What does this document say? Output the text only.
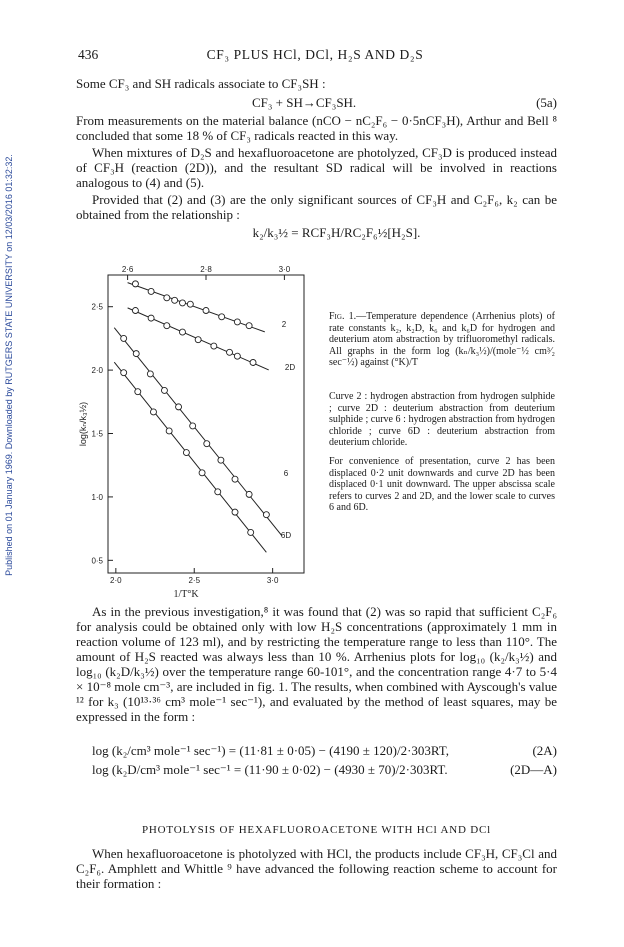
Published on 01 January 1969. Downloaded by RUTGERS STATE UNIVERSITY on 12/03/2016 01:32:32.
436	CF₃ PLUS HCl, DCl, H₂S AND D₂S

Some CF₃ and SH radicals associate to CF₃SH :

CF₃ + SH→CF₃SH.	(5a)

From measurements on the material balance (nCO − nC₂F₆ − 0·5nCF₃H), Arthur and Bell ⁸ concluded that some 18 % of CF₃ radicals reacted in this way.

When mixtures of D₂S and hexafluoroacetone are photolyzed, CF₃D is produced instead of CF₃H (reaction (2D)), and the resultant SD radical will be involved in reactions analogous to (4) and (5).

Provided that (2) and (3) are the only significant sources of CF₃H and C₂F₆, k₂ can be obtained from the relationship :

k₂/k₃½ = RCF₃H/RC₂F₆½[H₂S].

2·6	2·8	3·0
2·0	2·5	3·0
2·5
2·0
1·5
1·0
0·5
log(kₙ/k₃½)
1/T°K
2
2D
6
6D

Fig. 1.—Temperature dependence (Arrhenius plots) of rate constants k₂, k₂D, k₆ and k₆D for hydrogen and deuterium atom abstraction by trifluoromethyl radicals. All graphs in the form log (kₙ/k₃½)/(mole⁻½ cm³⁄₂ sec⁻½) against (°K)/T

Curve 2 : hydrogen abstraction from hydrogen sulphide ; curve 2D : deuterium abstraction from deuterium sulphide ; curve 6 : hydrogen abstraction from hydrogen chloride ; curve 6D : deuterium abstraction from deuterium chloride.

For convenience of presentation, curve 2 has been displaced 0·2 unit downwards and curve 2D has been displaced 0·1 unit downward. The upper abscissa scale refers to curves 2 and 2D, and the lower scale to curves 6 and 6D.

As in the previous investigation,⁸ it was found that (2) was so rapid that sufficient C₂F₆ for analysis could be obtained only with low H₂S concentrations (approximately 1 mm in reaction volume of 123 ml), and by restricting the temperature range to less than 110°. The amount of H₂S reacted was always less than 10 %. Arrhenius plots for log₁₀ (k₂/k₃½) and log₁₀ (k₂D/k₃½) over the temperature range 60-101°, and the concentration range 4·7 to 5·4 × 10⁻⁸ mole cm⁻³, are included in fig. 1. The results, when combined with Ayscough's value ¹² for k₃ (10¹³·³⁶ cm³ mole⁻¹ sec⁻¹), and evaluated by the method of least squares, may be expressed in the form :

log (k₂/cm³ mole⁻¹ sec⁻¹) = (11·81 ± 0·05) − (4190 ± 120)/2·303RT,	(2A)
log (k₂D/cm³ mole⁻¹ sec⁻¹ = (11·90 ± 0·02) − (4930 ± 70)/2·303RT.	(2D—A)
PHOTOLYSIS OF HEXAFLUOROACETONE WITH HCl AND DCl

When hexafluoroacetone is photolyzed with HCl, the products include CF₃H, CF₃Cl and C₂F₆. Amphlett and Whittle ⁹ have advanced the following reaction scheme to account for their formation :
